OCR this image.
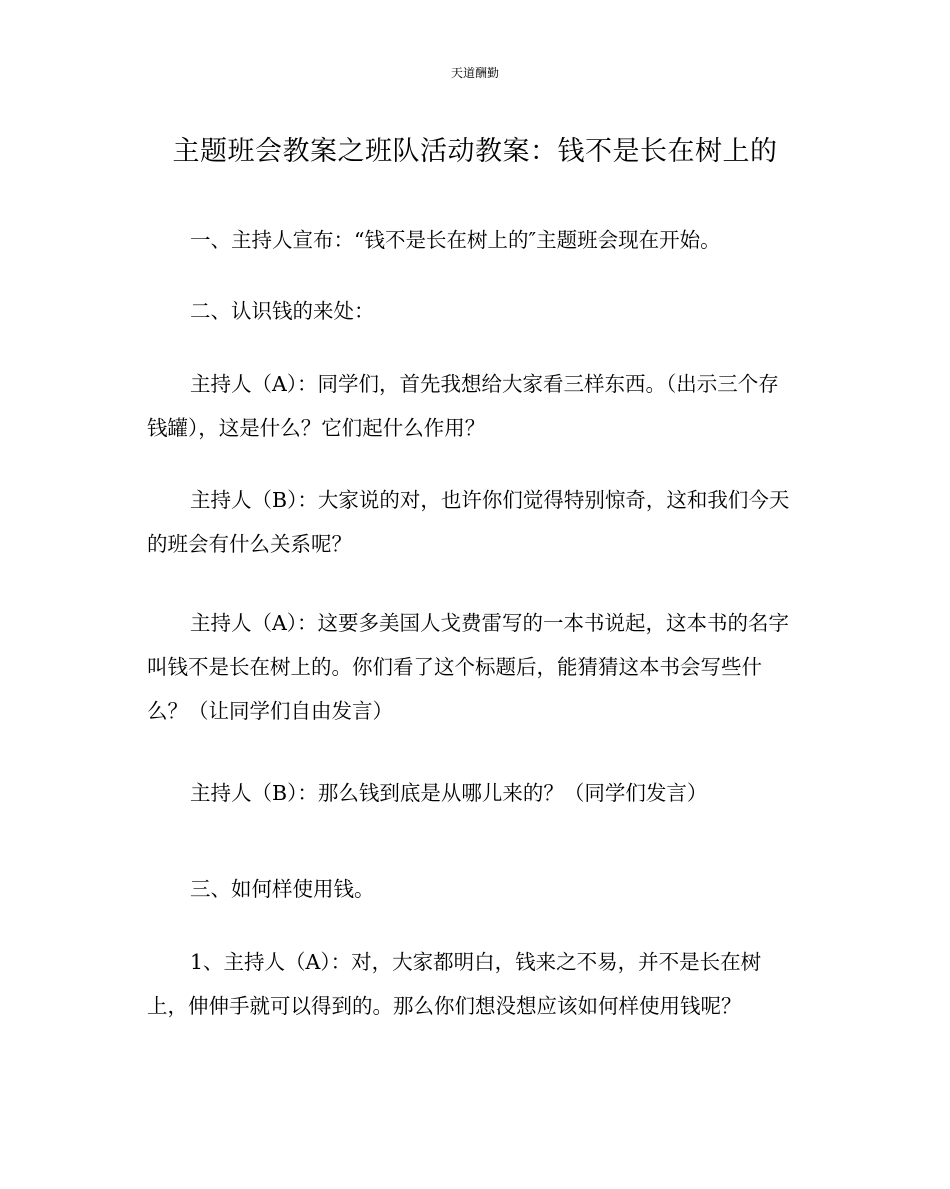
天道酬勤
主题班会教案之班队活动教案：钱不是长在树上的

一、主持人宣布：“钱不是长在树上的″主题班会现在开始。

二、认识钱的来处：

主持人（A）：同学们，首先我想给大家看三样东西。（出示三个存钱罐），这是什么？它们起什么作用？

主持人（B）：大家说的对，也许你们觉得特别惊奇，这和我们今天的班会有什么关系呢？

主持人（A）：这要多美国人戈费雷写的一本书说起，这本书的名字叫钱不是长在树上的。你们看了这个标题后，能猜猜这本书会写些什么？（让同学们自由发言）

主持人（B）：那么钱到底是从哪儿来的？（同学们发言）

三、如何样使用钱。

1、主持人（A）：对，大家都明白，钱来之不易，并不是长在树上，伸伸手就可以得到的。那么你们想没想应该如何样使用钱呢？
